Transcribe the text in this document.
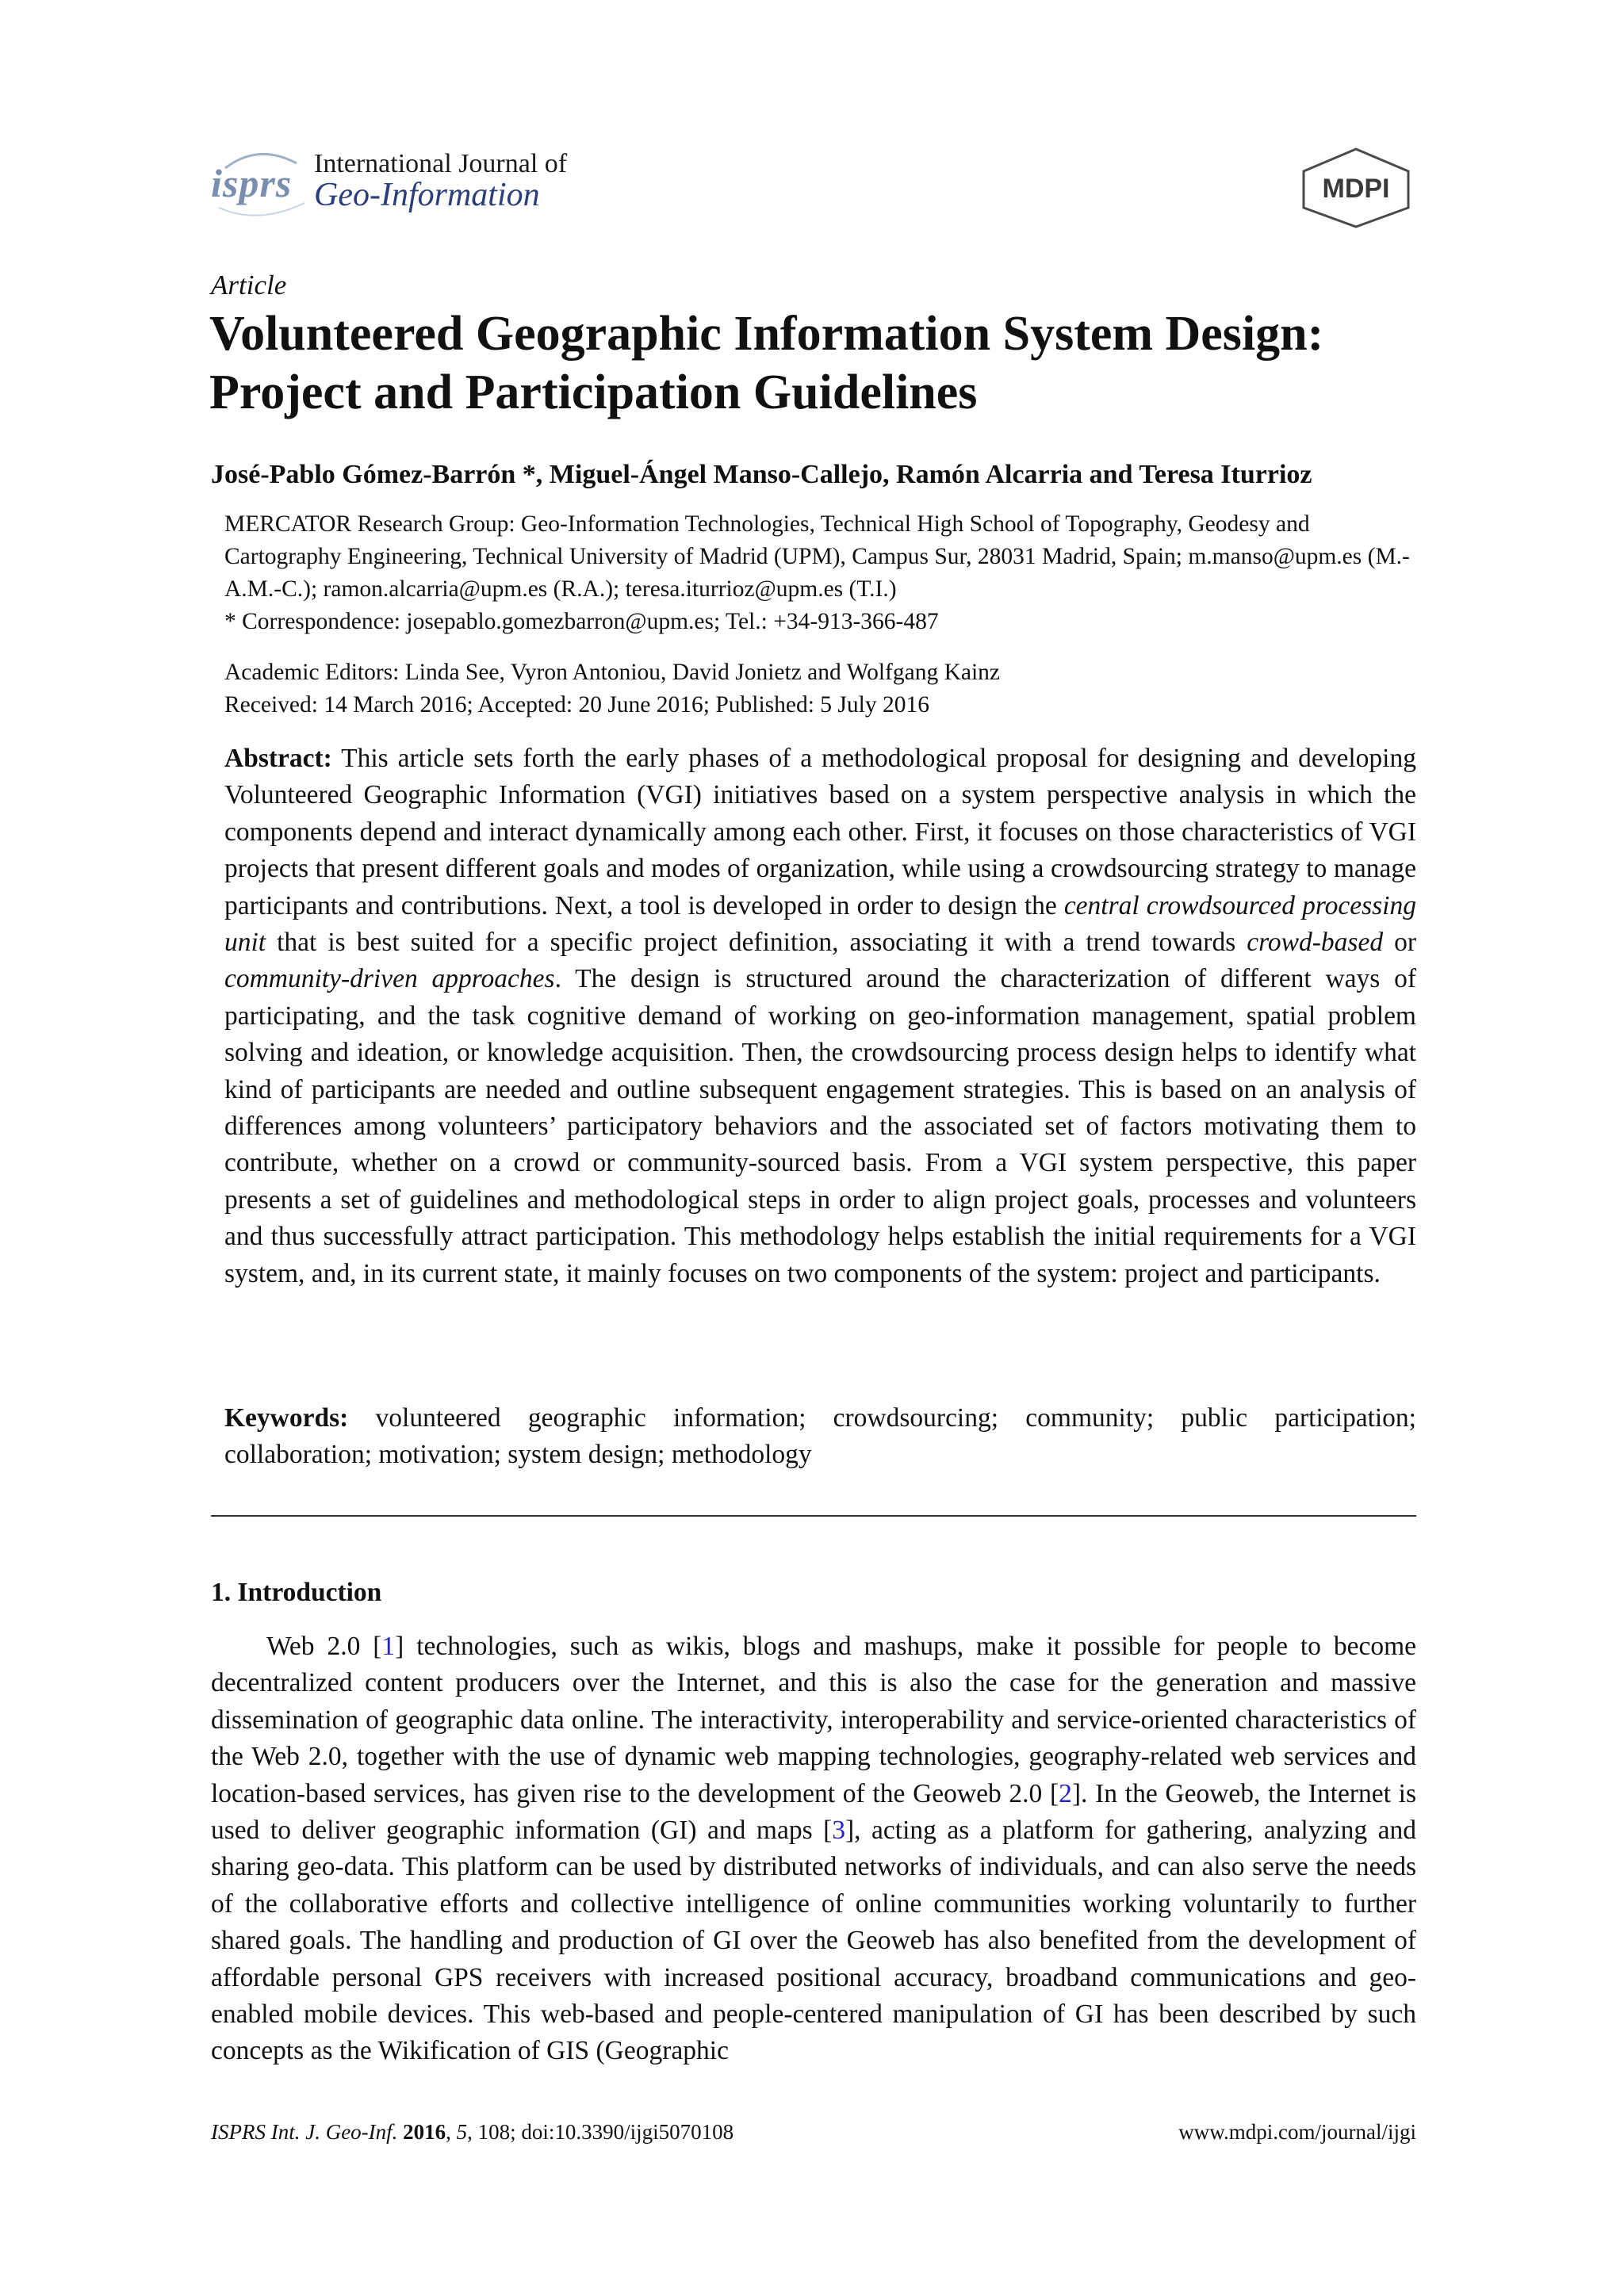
isprs International Journal of
Geo-Information	MDPI
Article
Volunteered Geographic Information System Design: Project and Participation Guidelines
José-Pablo Gómez-Barrón *, Miguel-Ángel Manso-Callejo, Ramón Alcarria and Teresa Iturrioz
MERCATOR Research Group: Geo-Information Technologies, Technical High School of Topography, Geodesy and Cartography Engineering, Technical University of Madrid (UPM), Campus Sur, 28031 Madrid, Spain; m.manso@upm.es (M.-A.M.-C.); ramon.alcarria@upm.es (R.A.); teresa.iturrioz@upm.es (T.I.)
* Correspondence: josepablo.gomezbarron@upm.es; Tel.: +34-913-366-487
Academic Editors: Linda See, Vyron Antoniou, David Jonietz and Wolfgang Kainz
Received: 14 March 2016; Accepted: 20 June 2016; Published: 5 July 2016
Abstract: This article sets forth the early phases of a methodological proposal for designing and developing Volunteered Geographic Information (VGI) initiatives based on a system perspective analysis in which the components depend and interact dynamically among each other. First, it focuses on those characteristics of VGI projects that present different goals and modes of organization, while using a crowdsourcing strategy to manage participants and contributions. Next, a tool is developed in order to design the central crowdsourced processing unit that is best suited for a specific project definition, associating it with a trend towards crowd-based or community-driven approaches. The design is structured around the characterization of different ways of participating, and the task cognitive demand of working on geo-information management, spatial problem solving and ideation, or knowledge acquisition. Then, the crowdsourcing process design helps to identify what kind of participants are needed and outline subsequent engagement strategies. This is based on an analysis of differences among volunteers’ participatory behaviors and the associated set of factors motivating them to contribute, whether on a crowd or community-sourced basis. From a VGI system perspective, this paper presents a set of guidelines and methodological steps in order to align project goals, processes and volunteers and thus successfully attract participation. This methodology helps establish the initial requirements for a VGI system, and, in its current state, it mainly focuses on two components of the system: project and participants.
Keywords: volunteered geographic information; crowdsourcing; community; public participation; collaboration; motivation; system design; methodology
1. Introduction
Web 2.0 [1] technologies, such as wikis, blogs and mashups, make it possible for people to become decentralized content producers over the Internet, and this is also the case for the generation and massive dissemination of geographic data online. The interactivity, interoperability and service-oriented characteristics of the Web 2.0, together with the use of dynamic web mapping technologies, geography-related web services and location-based services, has given rise to the development of the Geoweb 2.0 [2]. In the Geoweb, the Internet is used to deliver geographic information (GI) and maps [3], acting as a platform for gathering, analyzing and sharing geo-data. This platform can be used by distributed networks of individuals, and can also serve the needs of the collaborative efforts and collective intelligence of online communities working voluntarily to further shared goals. The handling and production of GI over the Geoweb has also benefited from the development of affordable personal GPS receivers with increased positional accuracy, broadband communications and geo-enabled mobile devices. This web-based and people-centered manipulation of GI has been described by such concepts as the Wikification of GIS (Geographic
ISPRS Int. J. Geo-Inf. 2016, 5, 108; doi:10.3390/ijgi5070108	www.mdpi.com/journal/ijgi
